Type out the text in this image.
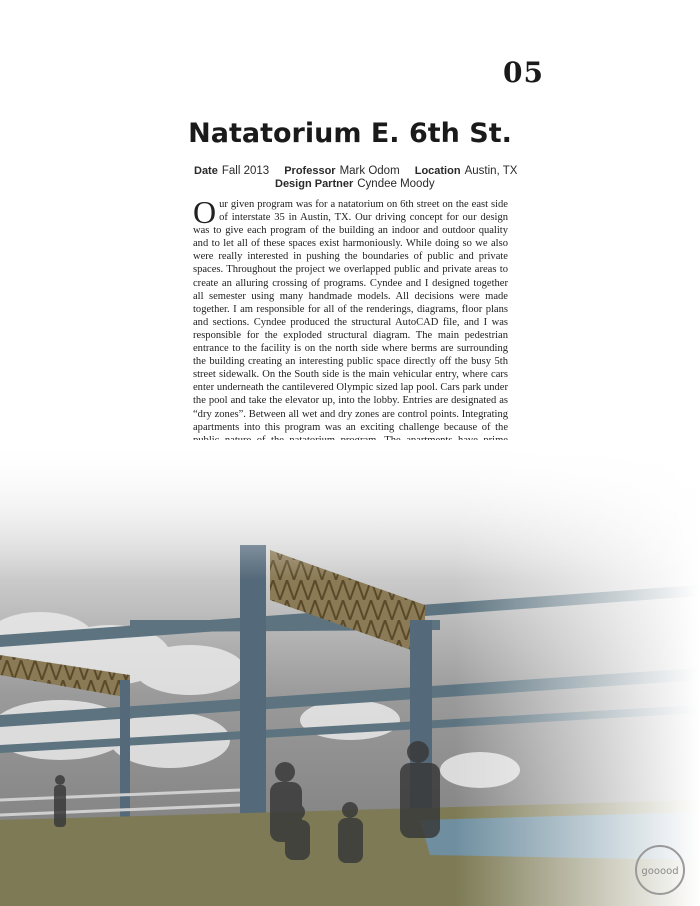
05
Natatorium E. 6th St.
Date Fall 2013 Professor Mark Odom Location Austin, TX
Design Partner Cyndee Moody
Our given program was for a natatorium on 6th street on the east side of interstate 35 in Austin, TX. Our driving concept for our design was to give each program of the building an indoor and outdoor quality and to let all of these spaces exist harmoniously. While doing so we also were really interested in pushing the boundaries of public and private spaces. Throughout the project we overlapped public and private areas to create an alluring crossing of programs. Cyndee and I designed together all semester using many handmade models. All decisions were made together. I am responsible for all of the renderings, diagrams, floor plans and sections. Cyndee produced the structural AutoCAD file, and I was responsible for the exploded structural diagram. The main pedestrian entrance to the facility is on the north side where berms are surrounding the building creating an interesting public space directly off the busy 5th street sidewalk. On the South side is the main vehicular entry, where cars enter underneath the cantilevered Olympic sized lap pool. Cars park under the pool and take the elevator up, into the lobby. Entries are designated as “dry zones”. Between all wet and dry zones are control points. Integrating apartments into this program was an exciting challenge because of the
gooood
